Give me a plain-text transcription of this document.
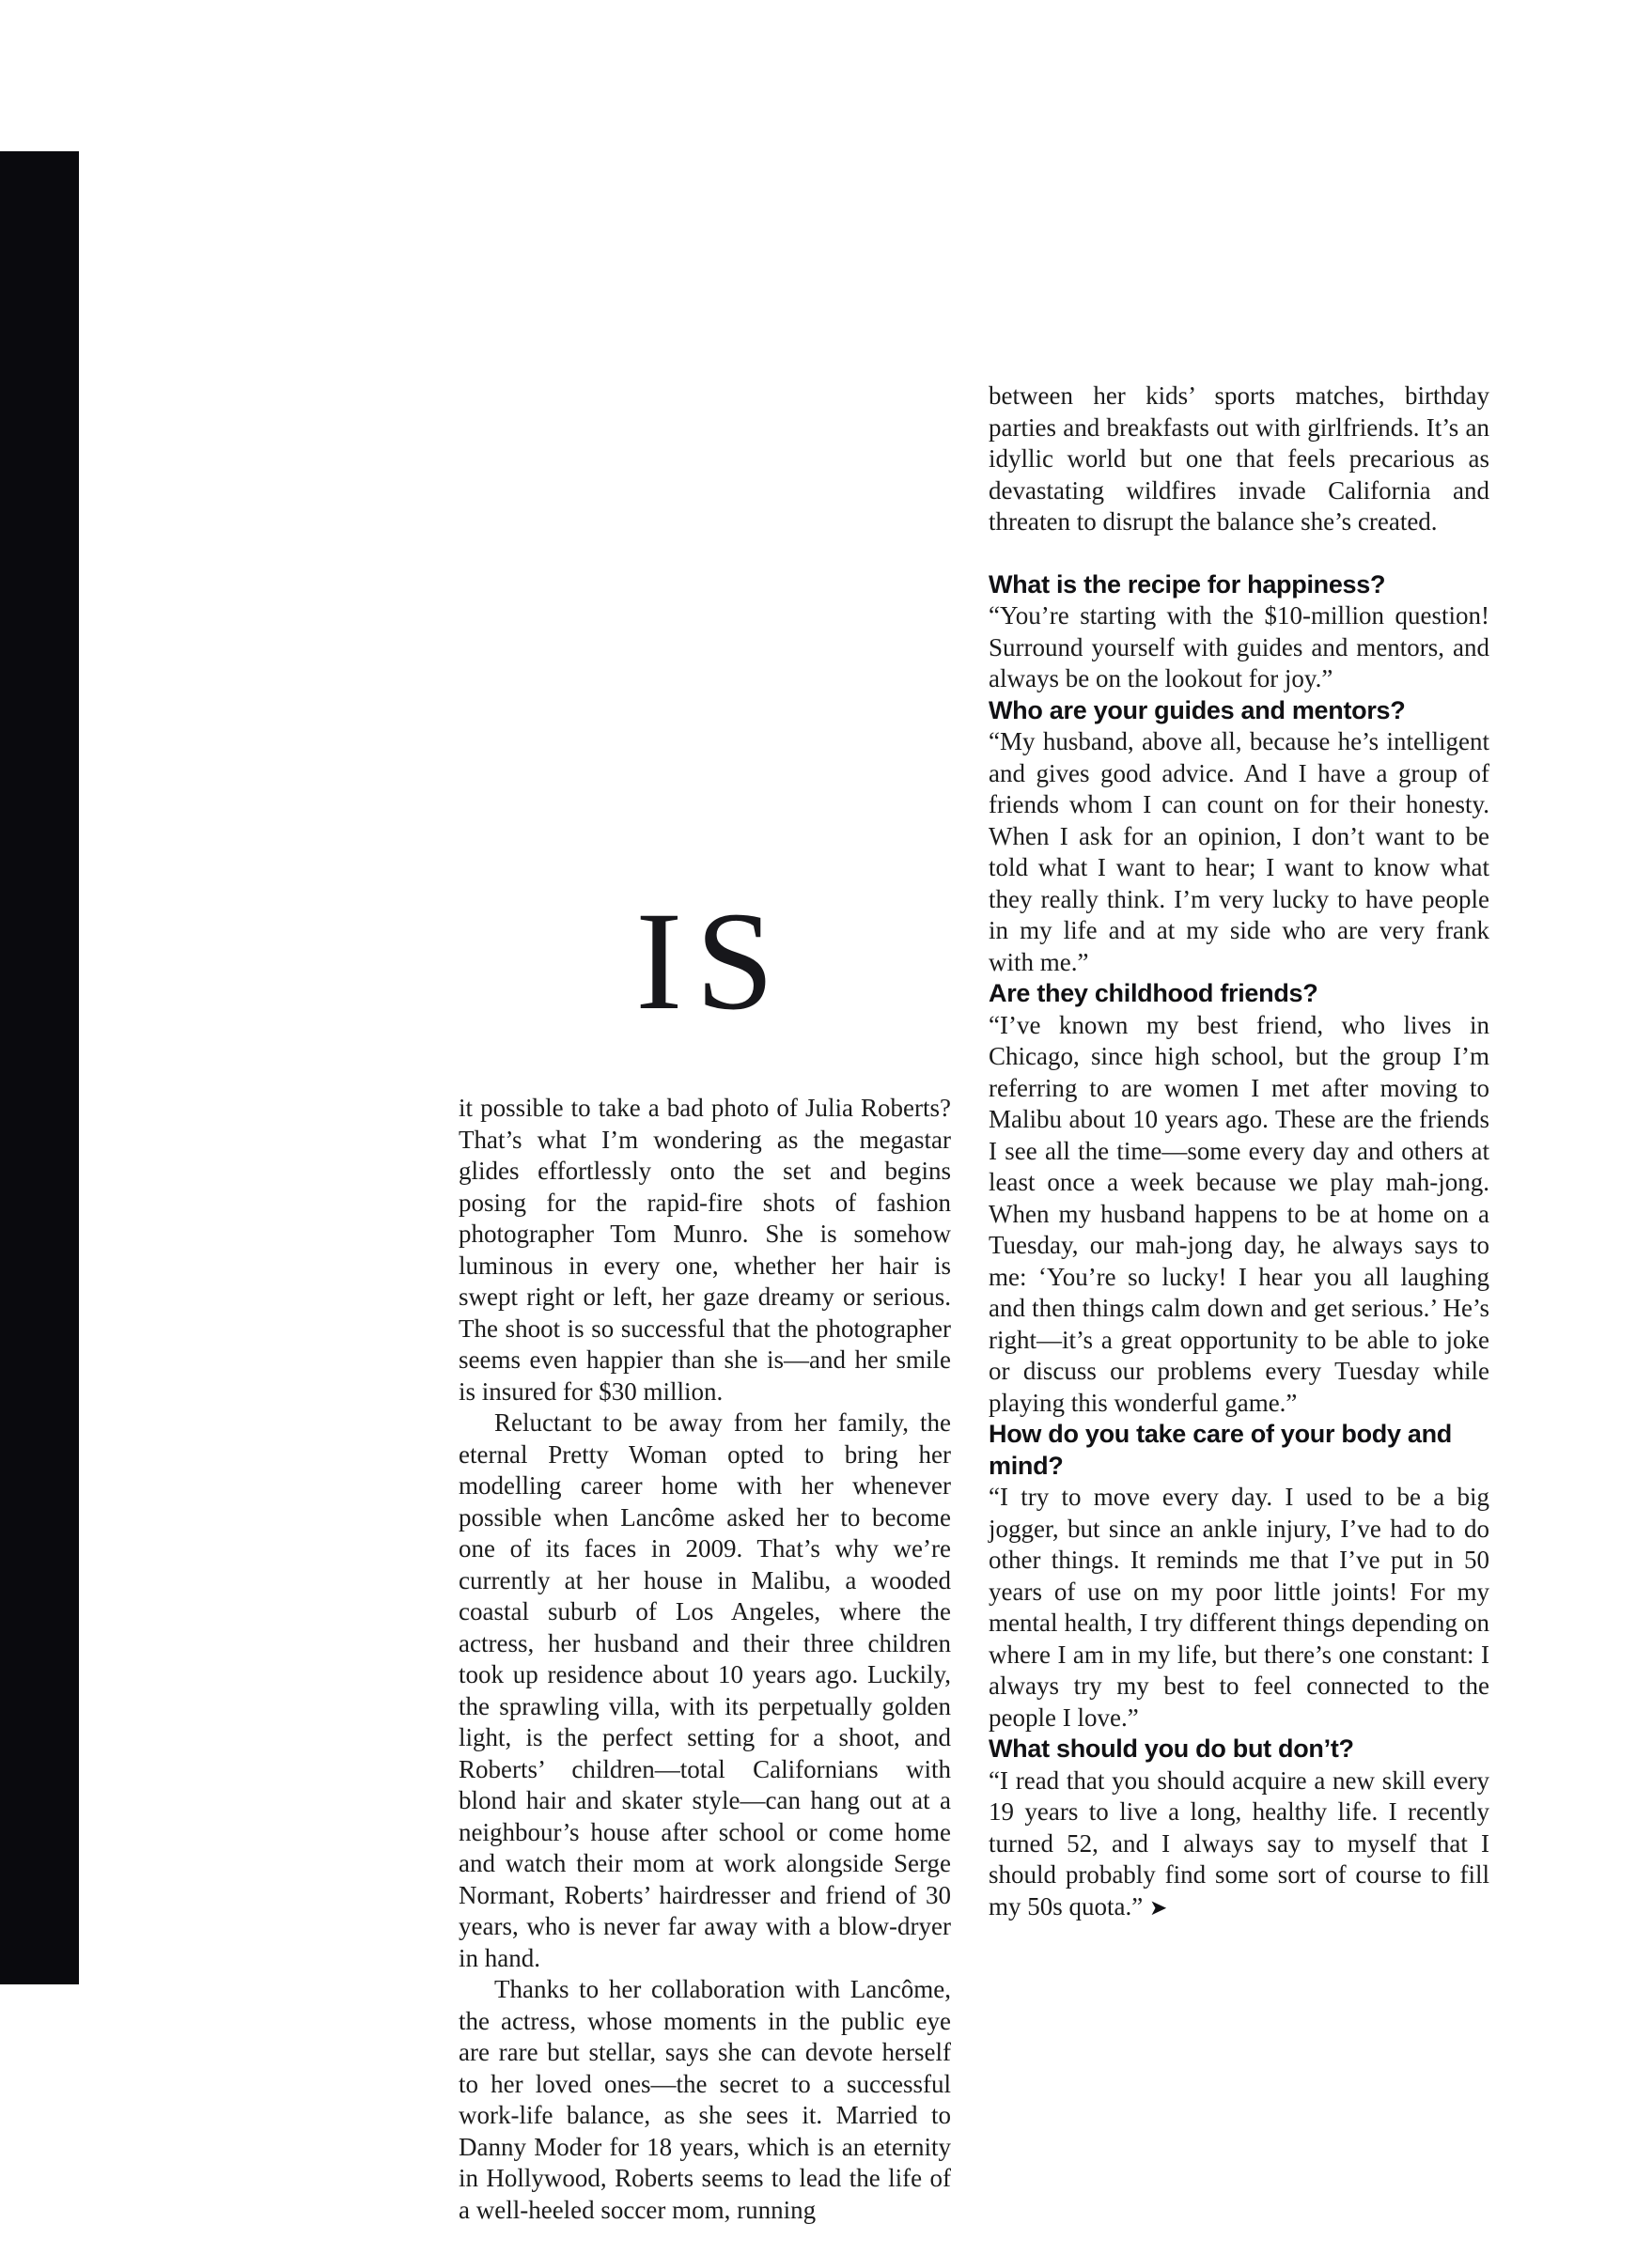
IS

it possible to take a bad photo of Julia Roberts? That’s what I’m wondering as the megastar glides effortlessly onto the set and begins posing for the rapid-fire shots of fashion photographer Tom Munro. She is somehow luminous in every one, whether her hair is swept right or left, her gaze dreamy or serious. The shoot is so successful that the photographer seems even happier than she is—and her smile is insured for $30 million.

Reluctant to be away from her family, the eternal Pretty Woman opted to bring her modelling career home with her whenever possible when Lancôme asked her to become one of its faces in 2009. That’s why we’re currently at her house in Malibu, a wooded coastal suburb of Los Angeles, where the actress, her husband and their three children took up residence about 10 years ago. Luckily, the sprawling villa, with its perpetually golden light, is the perfect setting for a shoot, and Roberts’ children—total Californians with blond hair and skater style—can hang out at a neighbour’s house after school or come home and watch their mom at work alongside Serge Normant, Roberts’ hairdresser and friend of 30 years, who is never far away with a blow-dryer in hand.

Thanks to her collaboration with Lancôme, the actress, whose moments in the public eye are rare but stellar, says she can devote herself to her loved ones—the secret to a successful work-life balance, as she sees it. Married to Danny Moder for 18 years, which is an eternity in Hollywood, Roberts seems to lead the life of a well-heeled soccer mom, running

between her kids’ sports matches, birthday parties and breakfasts out with girlfriends. It’s an idyllic world but one that feels precarious as devastating wildfires invade California and threaten to disrupt the balance she’s created.

What is the recipe for happiness?

“You’re starting with the $10-million question! Surround yourself with guides and mentors, and always be on the lookout for joy.”

Who are your guides and mentors?

“My husband, above all, because he’s intelligent and gives good advice. And I have a group of friends whom I can count on for their honesty. When I ask for an opinion, I don’t want to be told what I want to hear; I want to know what they really think. I’m very lucky to have people in my life and at my side who are very frank with me.”

Are they childhood friends?

“I’ve known my best friend, who lives in Chicago, since high school, but the group I’m referring to are women I met after moving to Malibu about 10 years ago. These are the friends I see all the time—some every day and others at least once a week because we play mah-jong. When my husband happens to be at home on a Tuesday, our mah-jong day, he always says to me: ‘You’re so lucky! I hear you all laughing and then things calm down and get serious.’ He’s right—it’s a great opportunity to be able to joke or discuss our problems every Tuesday while playing this wonderful game.”

How do you take care of your body and mind?

“I try to move every day. I used to be a big jogger, but since an ankle injury, I’ve had to do other things. It reminds me that I’ve put in 50 years of use on my poor little joints! For my mental health, I try different things depending on where I am in my life, but there’s one constant: I always try my best to feel connected to the people I love.”

What should you do but don’t?

“I read that you should acquire a new skill every 19 years to live a long, healthy life. I recently turned 52, and I always say to myself that I should probably find some sort of course to fill my 50s quota.” ➤
